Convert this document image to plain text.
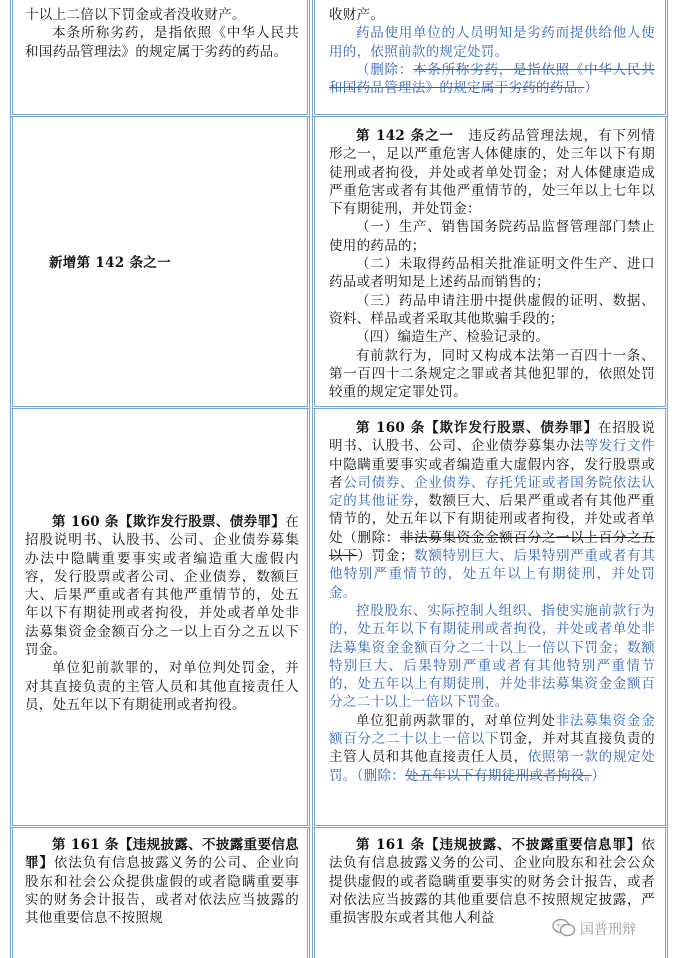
十以上二倍以下罚金或者没收财产。

本条所称劣药，是指依照《中华人民共和国药品管理法》的规定属于劣药的药品。

收财产。

药品使用单位的人员明知是劣药而提供给他人使用的，依照前款的规定处罚。

（删除：本条所称劣药，是指依照《中华人民共和国药品管理法》的规定属于劣药的药品。）

新增第 142 条之一

第 142 条之一　 违反药品管理法规，有下列情形之一，足以严重危害人体健康的，处三年以下有期徒刑或者拘役，并处或者单处罚金；对人体健康造成严重危害或者有其他严重情节的，处三年以上七年以下有期徒刑，并处罚金：

（一）生产、销售国务院药品监督管理部门禁止使用的药品的；

（二）未取得药品相关批准证明文件生产、进口药品或者明知是上述药品而销售的；

（三）药品申请注册中提供虚假的证明、数据、资料、样品或者采取其他欺骗手段的；

（四）编造生产、检验记录的。

有前款行为，同时又构成本法第一百四十一条、第一百四十二条规定之罪或者其他犯罪的，依照处罚较重的规定定罪处罚。

第 160 条【欺诈发行股票、债券罪】在招股说明书、认股书、公司、企业债券募集办法中隐瞒重要事实或者编造重大虚假内容，发行股票或者公司、企业债券，数额巨大、后果严重或者有其他严重情节的，处五年以下有期徒刑或者拘役，并处或者单处非法募集资金金额百分之一以上百分之五以下罚金。

单位犯前款罪的，对单位判处罚金，并对其直接负责的主管人员和其他直接责任人员，处五年以下有期徒刑或者拘役。

第 160 条【欺诈发行股票、债券罪】在招股说明书、认股书、公司、企业债券募集办法等发行文件中隐瞒重要事实或者编造重大虚假内容，发行股票或者公司债券、企业债券、存托凭证或者国务院依法认定的其他证券，数额巨大、后果严重或者有其他严重情节的，处五年以下有期徒刑或者拘役，并处或者单处（删除：非法募集资金金额百分之一以上百分之五以下）罚金；数额特别巨大、后果特别严重或者有其他特别严重情节的，处五年以上有期徒刑，并处罚金。

控股股东、实际控制人组织、指使实施前款行为的，处五年以下有期徒刑或者拘役，并处或者单处非法募集资金金额百分之二十以上一倍以下罚金；数额特别巨大、后果特别严重或者有其他特别严重情节的，处五年以上有期徒刑，并处非法募集资金金额百分之二十以上一倍以下罚金。

单位犯前两款罪的，对单位判处非法募集资金金额百分之二十以上一倍以下罚金，并对其直接负责的主管人员和其他直接责任人员，依照第一款的规定处罚。（删除：处五年以下有期徒刑或者拘役。）

第 161 条【违规披露、不披露重要信息罪】依法负有信息披露义务的公司、企业向股东和社会公众提供虚假的或者隐瞒重要事实的财务会计报告，或者对依法应当披露的其他重要信息不按照规

第 161 条【违规披露、不披露重要信息罪】依法负有信息披露义务的公司、企业向股东和社会公众提供虚假的或者隐瞒重要事实的财务会计报告，或者对依法应当披露的其他重要信息不按照规定披露，严重损害股东或者其他人利益

国普刑辩
